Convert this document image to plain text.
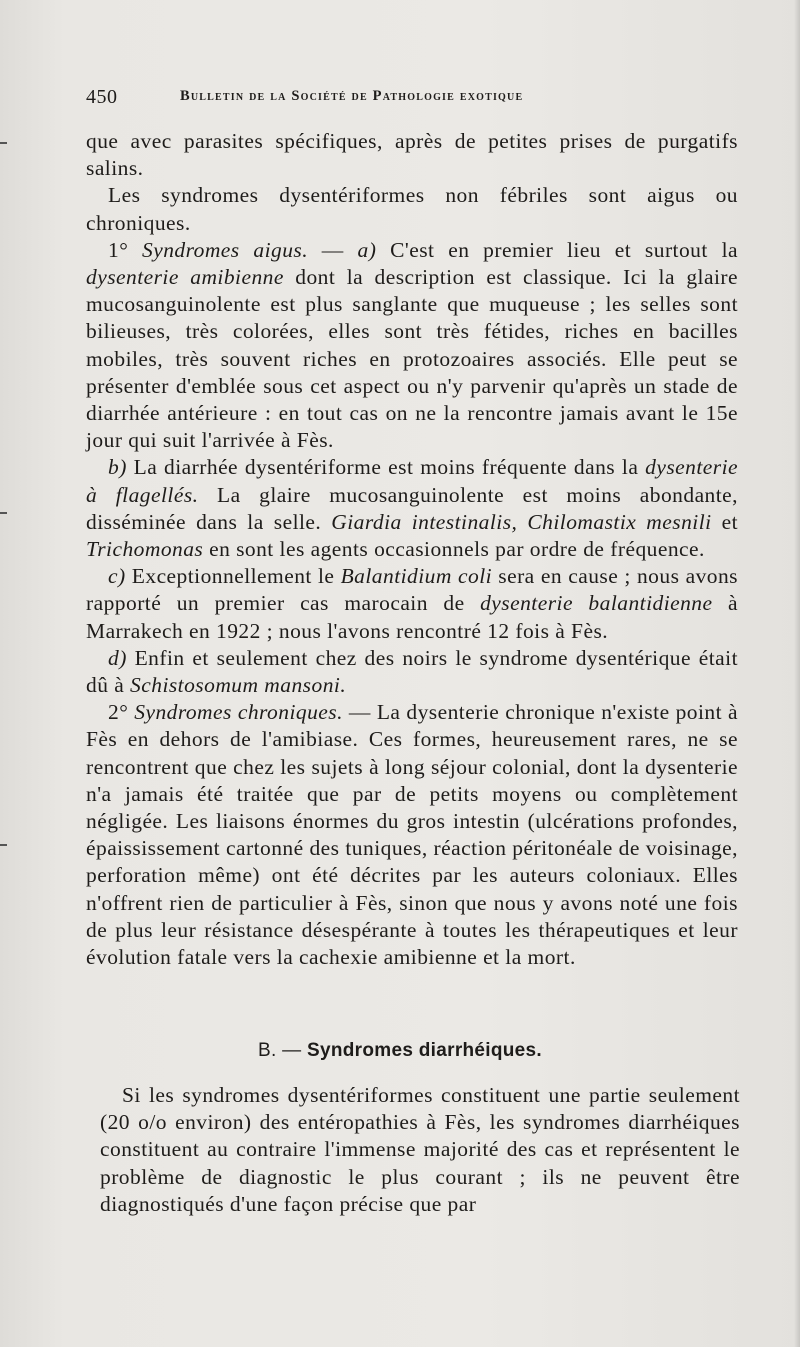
450	Bulletin de la Société de Pathologie exotique

que avec parasites spécifiques, après de petites prises de purgatifs salins.

Les syndromes dysentériformes non fébriles sont aigus ou chroniques.

1° Syndromes aigus. — a) C'est en premier lieu et surtout la dysenterie amibienne dont la description est classique. Ici la glaire mucosanguinolente est plus sanglante que muqueuse ; les selles sont bilieuses, très colorées, elles sont très fétides, riches en bacilles mobiles, très souvent riches en protozoaires associés. Elle peut se présenter d'emblée sous cet aspect ou n'y parvenir qu'après un stade de diarrhée antérieure : en tout cas on ne la rencontre jamais avant le 15e jour qui suit l'arrivée à Fès.

b) La diarrhée dysentériforme est moins fréquente dans la dysenterie à flagellés. La glaire mucosanguinolente est moins abondante, disséminée dans la selle. Giardia intestinalis, Chilomastix mesnili et Trichomonas en sont les agents occasionnels par ordre de fréquence.

c) Exceptionnellement le Balantidium coli sera en cause ; nous avons rapporté un premier cas marocain de dysenterie balantidienne à Marrakech en 1922 ; nous l'avons rencontré 12 fois à Fès.

d) Enfin et seulement chez des noirs le syndrome dysentérique était dû à Schistosomum mansoni.

2° Syndromes chroniques. — La dysenterie chronique n'existe point à Fès en dehors de l'amibiase. Ces formes, heureusement rares, ne se rencontrent que chez les sujets à long séjour colonial, dont la dysenterie n'a jamais été traitée que par de petits moyens ou complètement négligée. Les liaisons énormes du gros intestin (ulcérations profondes, épaississement cartonné des tuniques, réaction péritonéale de voisinage, perforation même) ont été décrites par les auteurs coloniaux. Elles n'offrent rien de particulier à Fès, sinon que nous y avons noté une fois de plus leur résistance désespérante à toutes les thérapeutiques et leur évolution fatale vers la cachexie amibienne et la mort.

B. — Syndromes diarrhéiques.

Si les syndromes dysentériformes constituent une partie seulement (20 o/o environ) des entéropathies à Fès, les syndromes diarrhéiques constituent au contraire l'immense majorité des cas et représentent le problème de diagnostic le plus courant ; ils ne peuvent être diagnostiqués d'une façon précise que par
